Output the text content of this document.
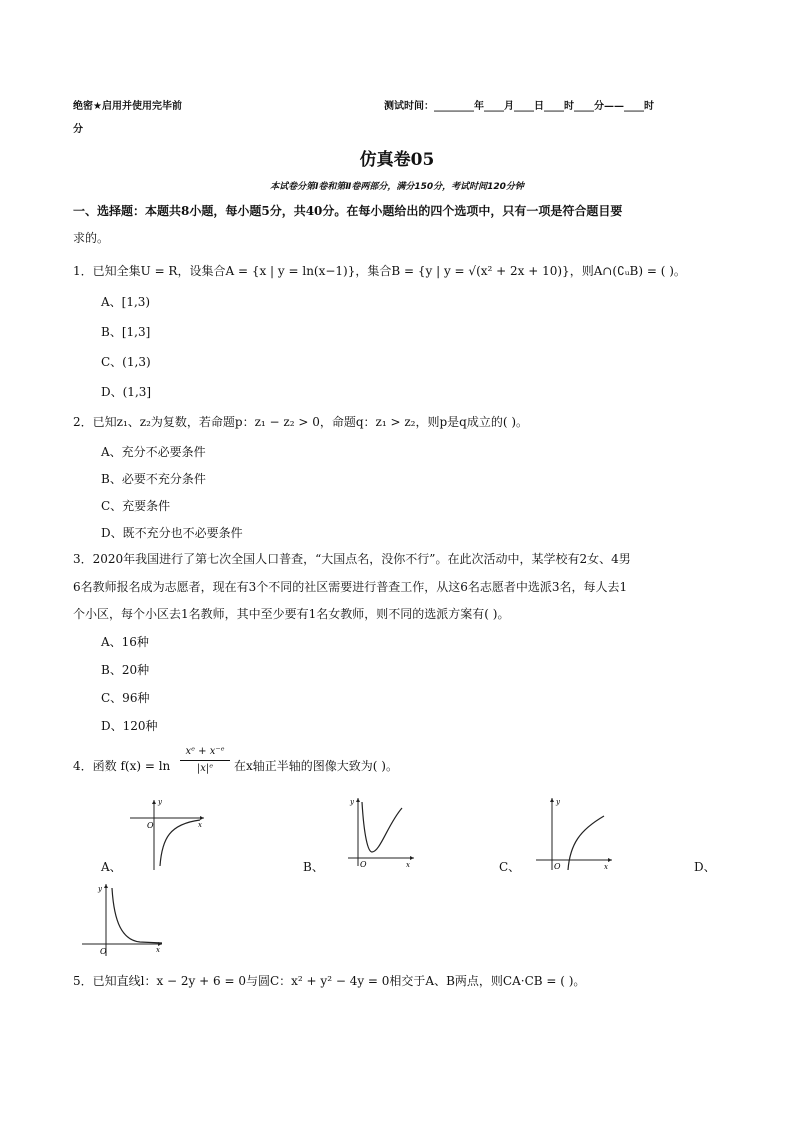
绝密★启用并使用完毕前
分
测试时间：________年____月____日____时____分——____时
仿真卷05
本试卷分第Ⅰ卷和第Ⅱ卷两部分，满分150分，考试时间120分钟
一、选择题：本题共8小题，每小题5分，共40分。在每小题给出的四个选项中，只有一项是符合题目要
求的。
1．已知全集U = R，设集合A = {x | y = ln(x−1)}，集合B = {y | y = √(x² + 2x + 10)}，则A∩(∁ᵤB) = ( )。
A、[1,3)
B、[1,3]
C、(1,3)
D、(1,3]
2．已知z₁、z₂为复数，若命题p：z₁ − z₂ > 0，命题q：z₁ > z₂，则p是q成立的( )。
A、充分不必要条件
B、必要不充分条件
C、充要条件
D、既不充分也不必要条件
3．2020年我国进行了第七次全国人口普查，“大国点名，没你不行”。在此次活动中，某学校有2女、4男
6名教师报名成为志愿者，现在有3个不同的社区需要进行普查工作，从这6名志愿者中选派3名，每人去1
个小区，每个小区去1名教师，其中至少要有1名女教师，则不同的选派方案有( )。
A、16种
B、20种
C、96种
D、120种
4．函数 f(x) = ln
xᵉ + x⁻ᵉ
|x|ᵉ	在x轴正半轴的图像大致为( )。
O	x
y
A、	O	x
y
B、	O	x
y
C、	D、
O	x
y
5．已知直线l：x − 2y + 6 = 0与圆C：x² + y² − 4y = 0相交于A、B两点，则CA·CB = ( )。
